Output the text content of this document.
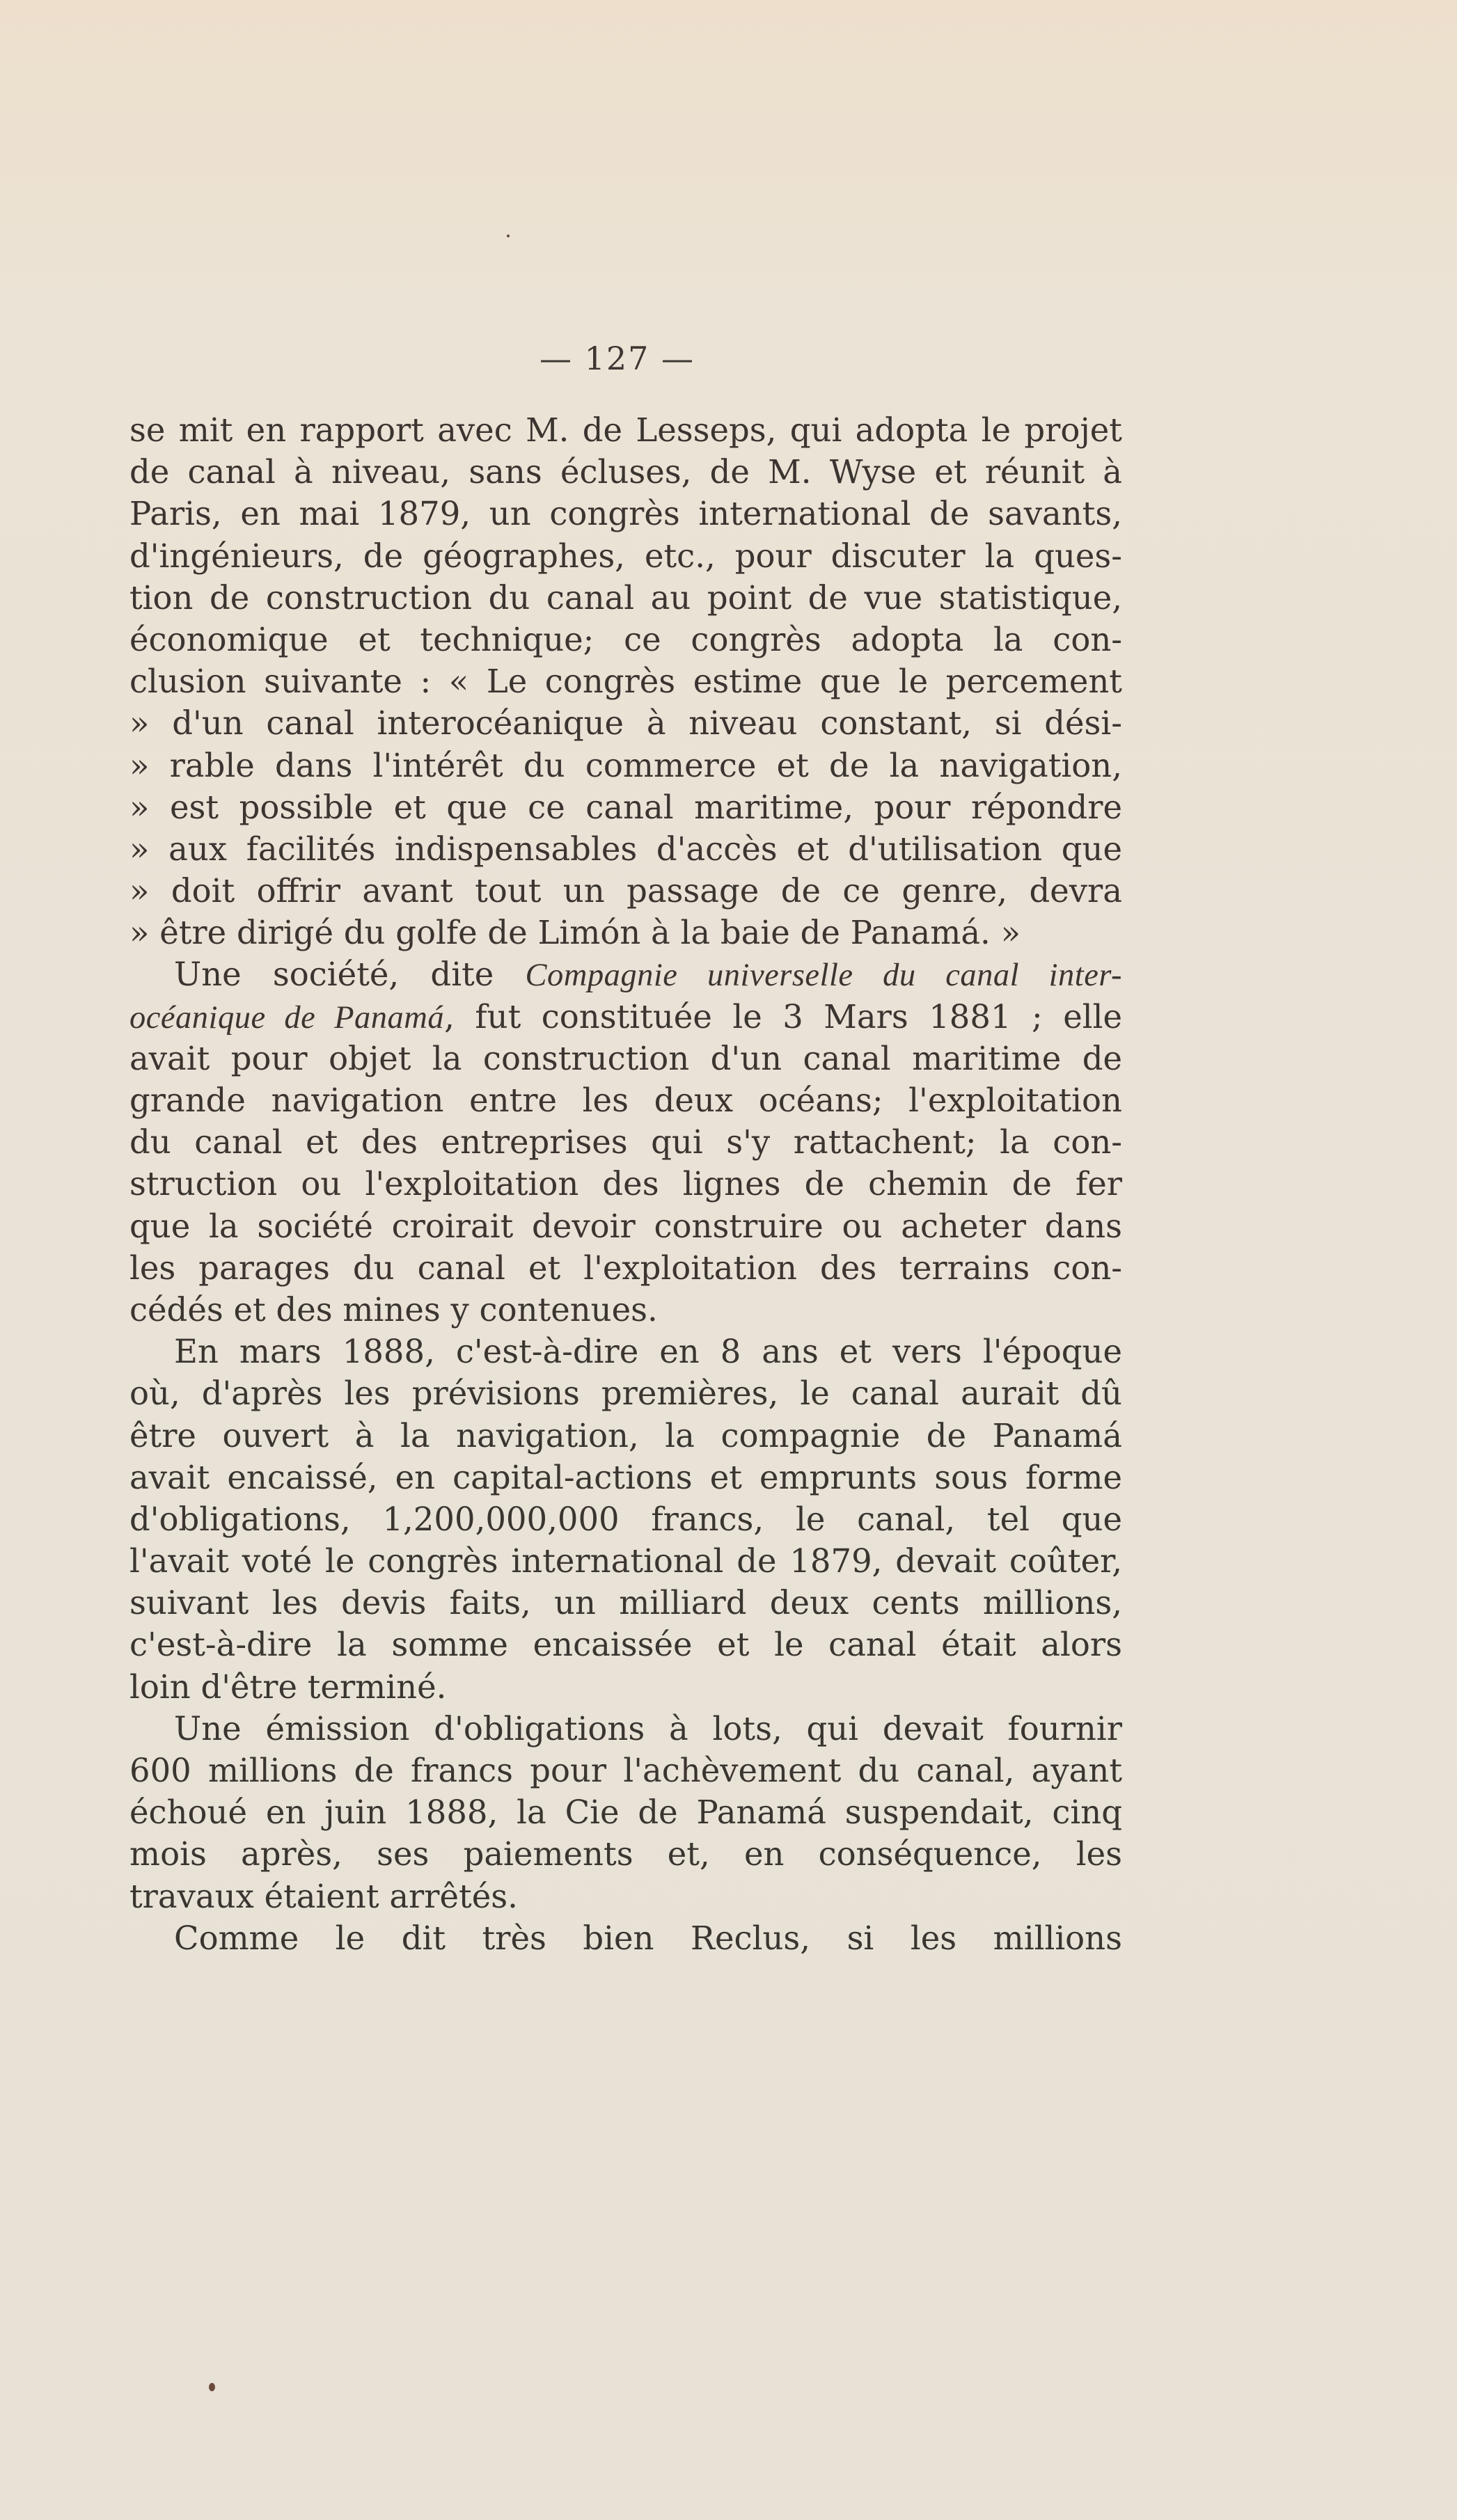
— 127 —
se mit en rapport avec M. de Lesseps, qui adopta le projet
de canal à niveau, sans écluses, de M. Wyse et réunit à
Paris, en mai 1879, un congrès international de savants,
d'ingénieurs, de géographes, etc., pour discuter la ques-
tion de construction du canal au point de vue statistique,
économique et technique; ce congrès adopta la con-
clusion suivante : « Le congrès estime que le percement
» d'un canal interocéanique à niveau constant, si dési-
» rable dans l'intérêt du commerce et de la navigation,
» est possible et que ce canal maritime, pour répondre
» aux facilités indispensables d'accès et d'utilisation que
» doit offrir avant tout un passage de ce genre, devra
» être dirigé du golfe de Limón à la baie de Panamá. »
Une société, dite Compagnie universelle du canal inter-
océanique de Panamá, fut constituée le 3 Mars 1881 ; elle
avait pour objet la construction d'un canal maritime de
grande navigation entre les deux océans; l'exploitation
du canal et des entreprises qui s'y rattachent; la con-
struction ou l'exploitation des lignes de chemin de fer
que la société croirait devoir construire ou acheter dans
les parages du canal et l'exploitation des terrains con-
cédés et des mines y contenues.
En mars 1888, c'est-à-dire en 8 ans et vers l'époque
où, d'après les prévisions premières, le canal aurait dû
être ouvert à la navigation, la compagnie de Panamá
avait encaissé, en capital-actions et emprunts sous forme
d'obligations, 1,200,000,000 francs, le canal, tel que
l'avait voté le congrès international de 1879, devait coûter,
suivant les devis faits, un milliard deux cents millions,
c'est-à-dire la somme encaissée et le canal était alors
loin d'être terminé.
Une émission d'obligations à lots, qui devait fournir
600 millions de francs pour l'achèvement du canal, ayant
échoué en juin 1888, la Cie de Panamá suspendait, cinq
mois après, ses paiements et, en conséquence, les
travaux étaient arrêtés.
Comme le dit très bien Reclus, si les millions
